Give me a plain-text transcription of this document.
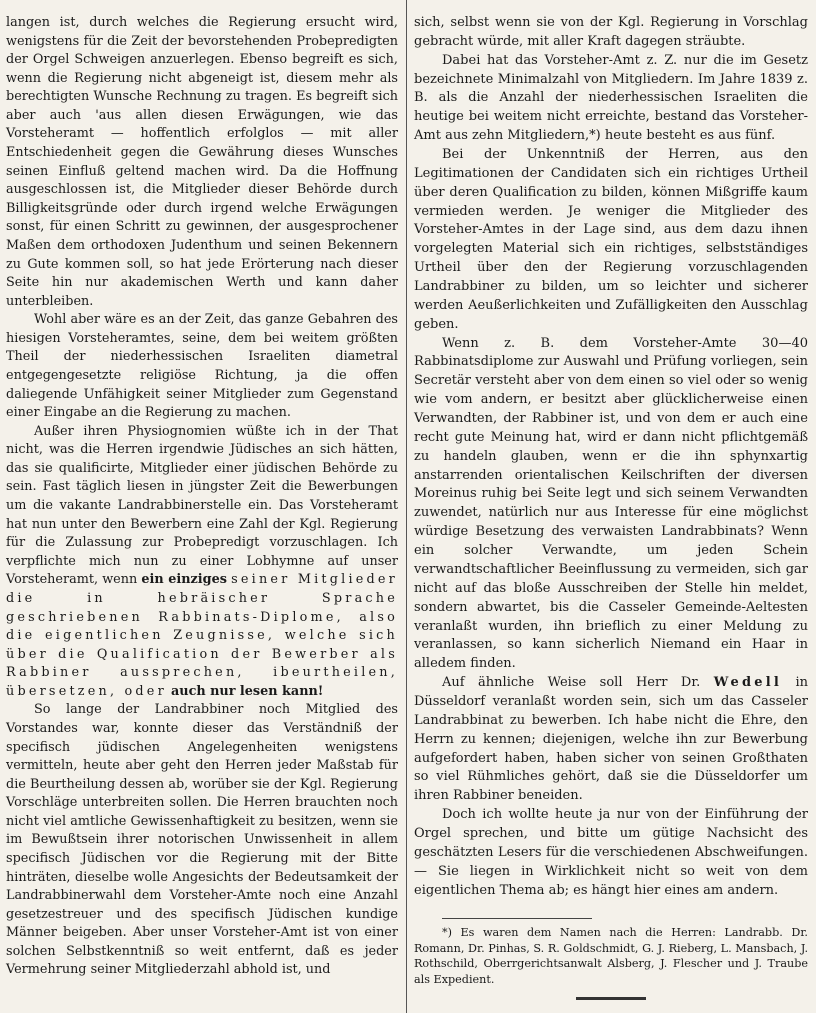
langen ist, durch welches die Regierung ersucht wird, wenigstens für die Zeit der bevorstehenden Probepredigten der Orgel Schweigen anzuerlegen. Ebenso begreift es sich, wenn die Regierung nicht abgeneigt ist, diesem mehr als berechtigten Wunsche Rechnung zu tragen. Es begreift sich aber auch 'aus allen diesen Erwägungen, wie das Vorsteheramt — hoffentlich erfolglos — mit aller Entschiedenheit gegen die Gewährung dieses Wunsches seinen Einfluß geltend machen wird. Da die Hoffnung ausgeschlossen ist, die Mitglieder dieser Behörde durch Billigkeitsgründe oder durch irgend welche Erwägungen sonst, für einen Schritt zu gewinnen, der ausgesprochener Maßen dem orthodoxen Judenthum und seinen Bekennern zu Gute kommen soll, so hat jede Erörterung nach dieser Seite hin nur akademischen Werth und kann daher unterbleiben.

Wohl aber wäre es an der Zeit, das ganze Gebahren des hiesigen Vorsteheramtes, seine, dem bei weitem größten Theil der niederhessischen Israeliten diametral entgegengesetzte religiöse Richtung, ja die offen daliegende Unfähigkeit seiner Mitglieder zum Gegenstand einer Eingabe an die Regierung zu machen.

Außer ihren Physiognomien wüßte ich in der That nicht, was die Herren irgendwie Jüdisches an sich hätten, das sie qualificirte, Mitglieder einer jüdischen Behörde zu sein. Fast täglich liesen in jüngster Zeit die Bewerbungen um die vakante Landrabbinerstelle ein. Das Vorsteheramt hat nun unter den Bewerbern eine Zahl der Kgl. Regierung für die Zulassung zur Probepredigt vorzuschlagen. Ich verpflichte mich nun zu einer Lobhymne auf unser Vorsteheramt, wenn ein einziges seiner Mitglieder die in hebräischer Sprache geschriebenen Rabbinats-Diplome, also die eigentlichen Zeugnisse, welche sich über die Qualification der Bewerber als Rabbiner aussprechen, ibeurtheilen, übersetzen, oder auch nur lesen kann!

So lange der Landrabbiner noch Mitglied des Vorstandes war, konnte dieser das Verständniß der specifisch jüdischen Angelegenheiten wenigstens vermitteln, heute aber geht den Herren jeder Maßstab für die Beurtheilung dessen ab, worüber sie der Kgl. Regierung Vorschläge unterbreiten sollen. Die Herren brauchten noch nicht viel amtliche Gewissenhaftigkeit zu besitzen, wenn sie im Bewußtsein ihrer notorischen Unwissenheit in allem specifisch Jüdischen vor die Regierung mit der Bitte hinträten, dieselbe wolle Angesichts der Bedeutsamkeit der Landrabbinerwahl dem Vorsteher-Amte noch eine Anzahl gesetzestreuer und des specifisch Jüdischen kundige Männer beigeben. Aber unser Vorsteher-Amt ist von einer solchen Selbstkenntniß so weit entfernt, daß es jeder Vermehrung seiner Mitgliederzahl abhold ist, und

sich, selbst wenn sie von der Kgl. Regierung in Vorschlag gebracht würde, mit aller Kraft dagegen sträubte.

Dabei hat das Vorsteher-Amt z. Z. nur die im Gesetz bezeichnete Minimalzahl von Mitgliedern. Im Jahre 1839 z. B. als die Anzahl der niederhessischen Israeliten die heutige bei weitem nicht erreichte, bestand das Vorsteher-Amt aus zehn Mitgliedern,*) heute besteht es aus fünf.

Bei der Unkenntniß der Herren, aus den Legitimationen der Candidaten sich ein richtiges Urtheil über deren Qualification zu bilden, können Mißgriffe kaum vermieden werden. Je weniger die Mitglieder des Vorsteher-Amtes in der Lage sind, aus dem dazu ihnen vorgelegten Material sich ein richtiges, selbstständiges Urtheil über den der Regierung vorzuschlagenden Landrabbiner zu bilden, um so leichter und sicherer werden Aeußerlichkeiten und Zufälligkeiten den Ausschlag geben.

Wenn z. B. dem Vorsteher-Amte 30—40 Rabbinatsdiplome zur Auswahl und Prüfung vorliegen, sein Secretär versteht aber von dem einen so viel oder so wenig wie vom andern, er besitzt aber glücklicherweise einen Verwandten, der Rabbiner ist, und von dem er auch eine recht gute Meinung hat, wird er dann nicht pflichtgemäß zu handeln glauben, wenn er die ihn sphynxartig anstarrenden orientalischen Keilschriften der diversen Moreinus ruhig bei Seite legt und sich seinem Verwandten zuwendet, natürlich nur aus Interesse für eine möglichst würdige Besetzung des verwaisten Landrabbinats? Wenn ein solcher Verwandte, um jeden Schein verwandtschaftlicher Beeinflussung zu vermeiden, sich gar nicht auf das bloße Ausschreiben der Stelle hin meldet, sondern abwartet, bis die Casseler Gemeinde-Aeltesten veranlaßt wurden, ihn brieflich zu einer Meldung zu veranlassen, so kann sicherlich Niemand ein Haar in alledem finden.

Auf ähnliche Weise soll Herr Dr. Wedell in Düsseldorf veranlaßt worden sein, sich um das Casseler Landrabbinat zu bewerben. Ich habe nicht die Ehre, den Herrn zu kennen; diejenigen, welche ihn zur Bewerbung aufgefordert haben, haben sicher von seinen Großthaten so viel Rühmliches gehört, daß sie die Düsseldorfer um ihren Rabbiner beneiden.

Doch ich wollte heute ja nur von der Einführung der Orgel sprechen, und bitte um gütige Nachsicht des geschätzten Lesers für die verschiedenen Abschweifungen. — Sie liegen in Wirklichkeit nicht so weit von dem eigentlichen Thema ab; es hängt hier eines am andern.

*) Es waren dem Namen nach die Herren: Landrabb. Dr. Romann, Dr. Pinhas, S. R. Goldschmidt, G. J. Rieberg, L. Mansbach, J. Rothschild, Oberrgerichtsanwalt Alsberg, J. Flescher und J. Traube als Expedient.
